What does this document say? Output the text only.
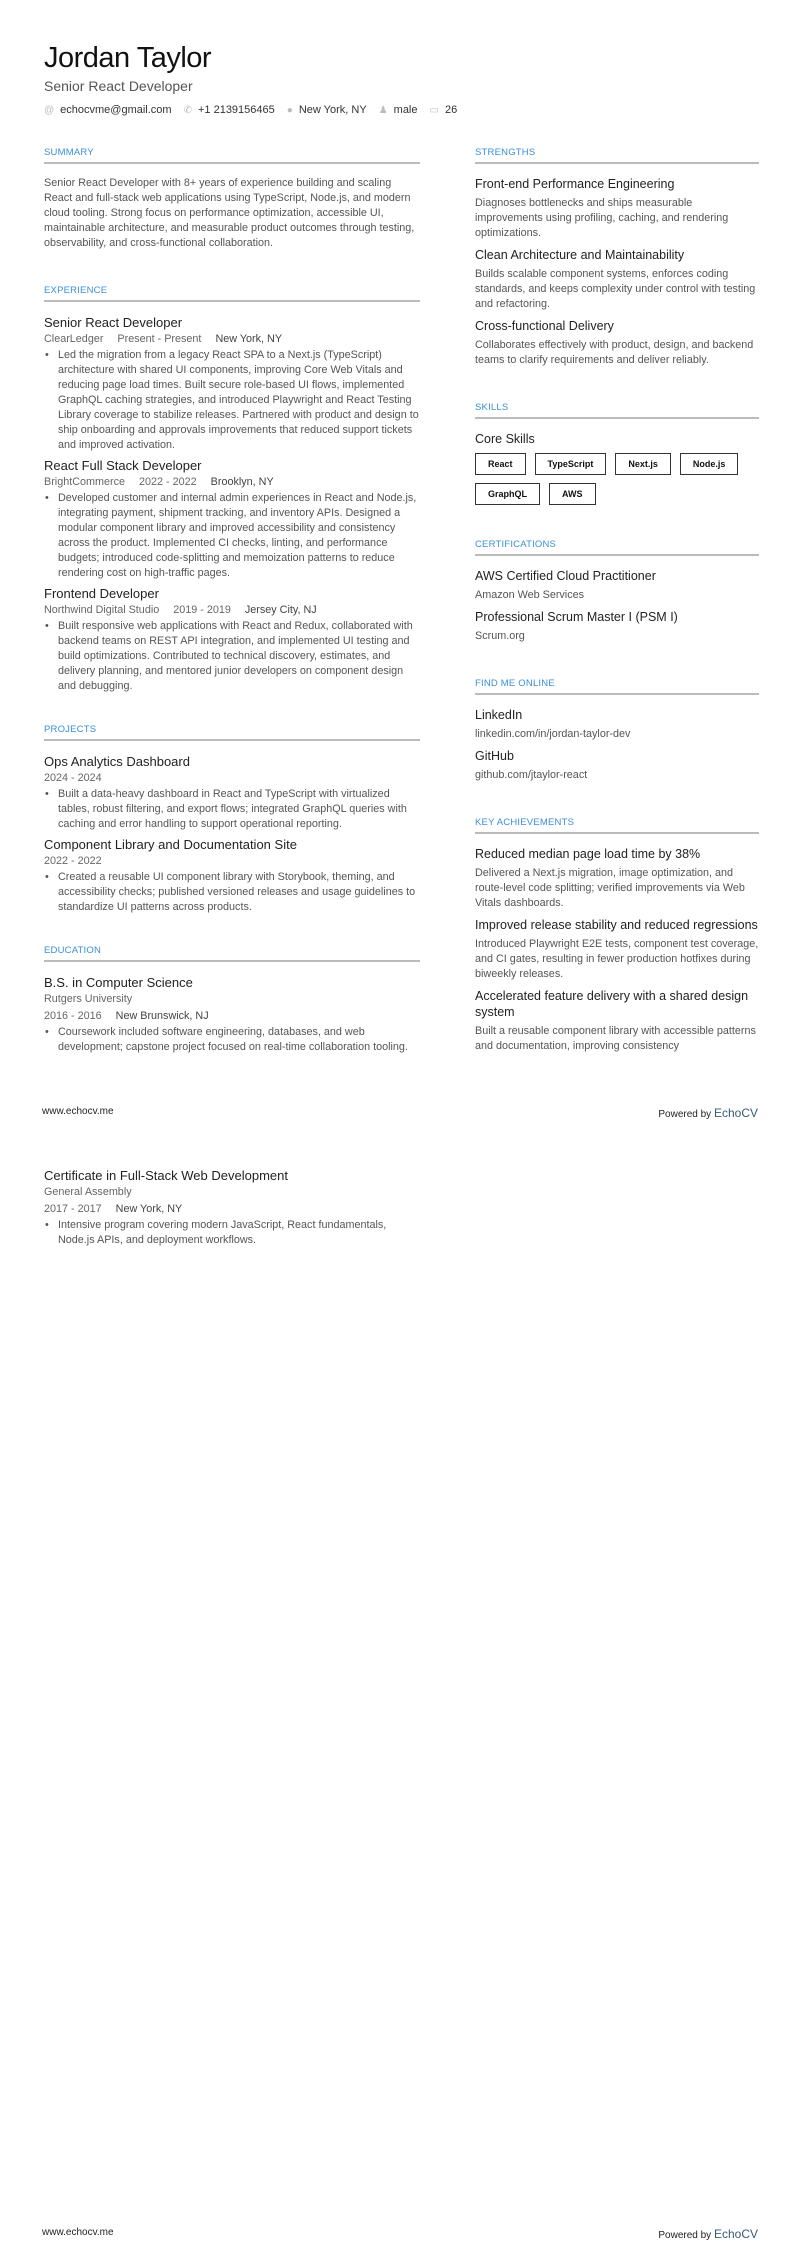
Jordan Taylor
Senior React Developer
@ echocvme@gmail.com ✆ +1 2139156465 ● New York, NY ♟ male ▭ 26
SUMMARY
Senior React Developer with 8+ years of experience building and scaling React and full-stack web applications using TypeScript, Node.js, and modern cloud tooling. Strong focus on performance optimization, accessible UI, maintainable architecture, and measurable product outcomes through testing, observability, and cross-functional collaboration.
EXPERIENCE
Senior React Developer
ClearLedger Present - Present New York, NY
• Led the migration from a legacy React SPA to a Next.js (TypeScript) architecture with shared UI components, improving Core Web Vitals and reducing page load times. Built secure role-based UI flows, implemented GraphQL caching strategies, and introduced Playwright and React Testing Library coverage to stabilize releases. Partnered with product and design to ship onboarding and approvals improvements that reduced support tickets and improved activation.
React Full Stack Developer
BrightCommerce 2022 - 2022 Brooklyn, NY
• Developed customer and internal admin experiences in React and Node.js, integrating payment, shipment tracking, and inventory APIs. Designed a modular component library and improved accessibility and consistency across the product. Implemented CI checks, linting, and performance budgets; introduced code-splitting and memoization patterns to reduce rendering cost on high-traffic pages.
Frontend Developer
Northwind Digital Studio 2019 - 2019 Jersey City, NJ
• Built responsive web applications with React and Redux, collaborated with backend teams on REST API integration, and implemented UI testing and build optimizations. Contributed to technical discovery, estimates, and delivery planning, and mentored junior developers on component design and debugging.
PROJECTS
Ops Analytics Dashboard
2024 - 2024
• Built a data-heavy dashboard in React and TypeScript with virtualized tables, robust filtering, and export flows; integrated GraphQL queries with caching and error handling to support operational reporting.
Component Library and Documentation Site
2022 - 2022
• Created a reusable UI component library with Storybook, theming, and accessibility checks; published versioned releases and usage guidelines to standardize UI patterns across products.
EDUCATION
B.S. in Computer Science
Rutgers University
2016 - 2016 New Brunswick, NJ
• Coursework included software engineering, databases, and web development; capstone project focused on real-time collaboration tooling.
STRENGTHS
Front-end Performance Engineering
Diagnoses bottlenecks and ships measurable improvements using profiling, caching, and rendering optimizations.
Clean Architecture and Maintainability
Builds scalable component systems, enforces coding standards, and keeps complexity under control with testing and refactoring.
Cross-functional Delivery
Collaborates effectively with product, design, and backend teams to clarify requirements and deliver reliably.
SKILLS
Core Skills
React	TypeScript	Next.js	Node.js
GraphQL	AWS
CERTIFICATIONS
AWS Certified Cloud Practitioner
Amazon Web Services
Professional Scrum Master I (PSM I)
Scrum.org
FIND ME ONLINE
LinkedIn
linkedin.com/in/jordan-taylor-dev
GitHub
github.com/jtaylor-react
KEY ACHIEVEMENTS
Reduced median page load time by 38%
Delivered a Next.js migration, image optimization, and route-level code splitting; verified improvements via Web Vitals dashboards.
Improved release stability and reduced regressions
Introduced Playwright E2E tests, component test coverage, and CI gates, resulting in fewer production hotfixes during biweekly releases.
Accelerated feature delivery with a shared design system
Built a reusable component library with accessible patterns and documentation, improving consistency
www.echocv.me	Powered by EchoCV
Certificate in Full-Stack Web Development
General Assembly
2017 - 2017 New York, NY
• Intensive program covering modern JavaScript, React fundamentals, Node.js APIs, and deployment workflows.
www.echocv.me	Powered by EchoCV
